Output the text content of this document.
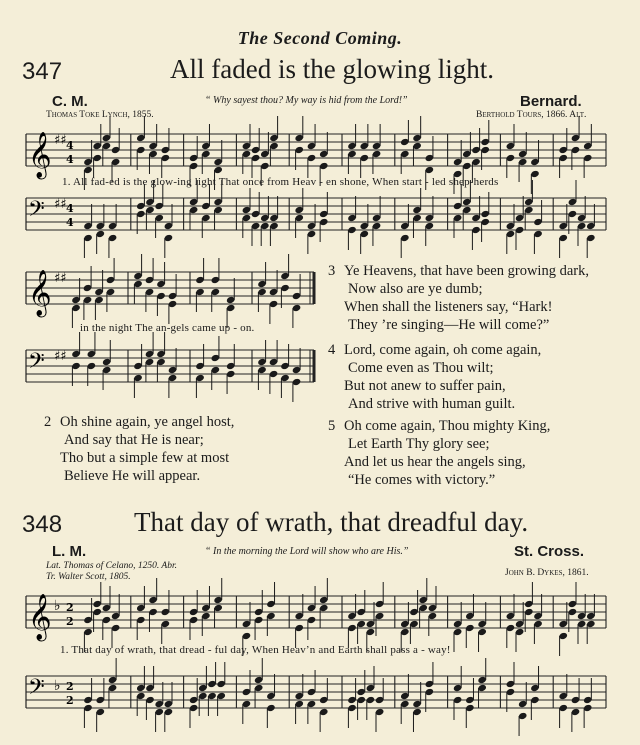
The Second Coming.
347	All faded is the glowing light.
C. M.	“ Why sayest thou? My way is hid from the Lord!”	Bernard.
Thomas Toke Lynch, 1855.	Berthold Tours, 1866. Alt.
𝄞 ♯♯ 4
4
1. All fad-ed is the glow-ing light That once from Heav - en shone, When start - led shep-herds
𝄢 ♯♯ 4
4
𝄞 ♯♯
in the night The an-gels came up - on.
𝄢 ♯♯
2 Oh shine again, ye angel host,
And say that He is near;
Tho but a simple few at most
Believe He will appear.
3 Ye Heavens, that have been growing dark,
Now also are ye dumb;
When shall the listeners say, “Hark!
They ’re singing—He will come?”
4 Lord, come again, oh come again,
Come even as Thou wilt;
But not anew to suffer pain,
And strive with human guilt.
5 Oh come again, Thou mighty King,
Let Earth Thy glory see;
And let us hear the angels sing,
“He comes with victory.”
348	That day of wrath, that dreadful day.
L. M.	“ In the morning the Lord will show who are His.”	St. Cross.
Lat. Thomas of Celano, 1250. Abr.
Tr. Walter Scott, 1805.	John B. Dykes, 1861.
𝄞 ♭ 2
2
1. That day of wrath, that dread - ful day, When Heav’n and Earth shall pass a - way!
𝄢 ♭ 2
2
